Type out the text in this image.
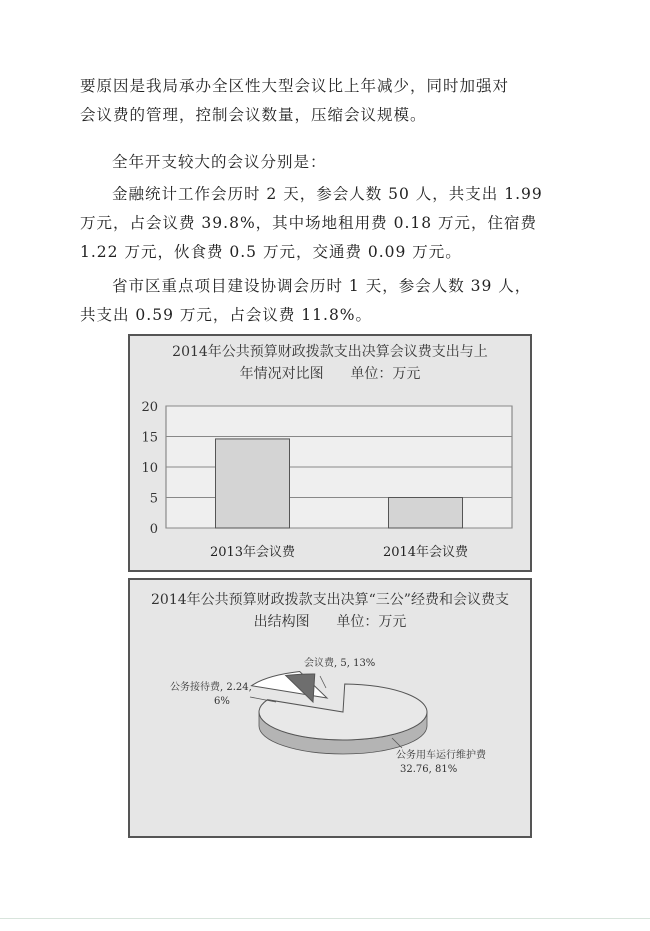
要原因是我局承办全区性大型会议比上年减少，同时加强对
会议费的管理，控制会议数量，压缩会议规模。

全年开支较大的会议分别是：

金融统计工作会历时 2 天，参会人数 50 人，共支出 1.99
万元，占会议费 39.8%，其中场地租用费 0.18 万元，住宿费
1.22 万元，伙食费 0.5 万元，交通费 0.09 万元。

省市区重点项目建设协调会历时 1 天，参会人数 39 人，
共支出 0.59 万元，占会议费 11.8%。

2014年公共预算财政拨款支出决算会议费支出与上
年情况对比图      单位：万元
0
5
10
15
20
2013年会议费	2014年会议费
2014年公共预算财政拨款支出决算“三公”经费和会议费支
出结构图      单位：万元
会议费, 5, 13%
公务接待费, 2.24,
6%
公务用车运行维护费
32.76, 81%
